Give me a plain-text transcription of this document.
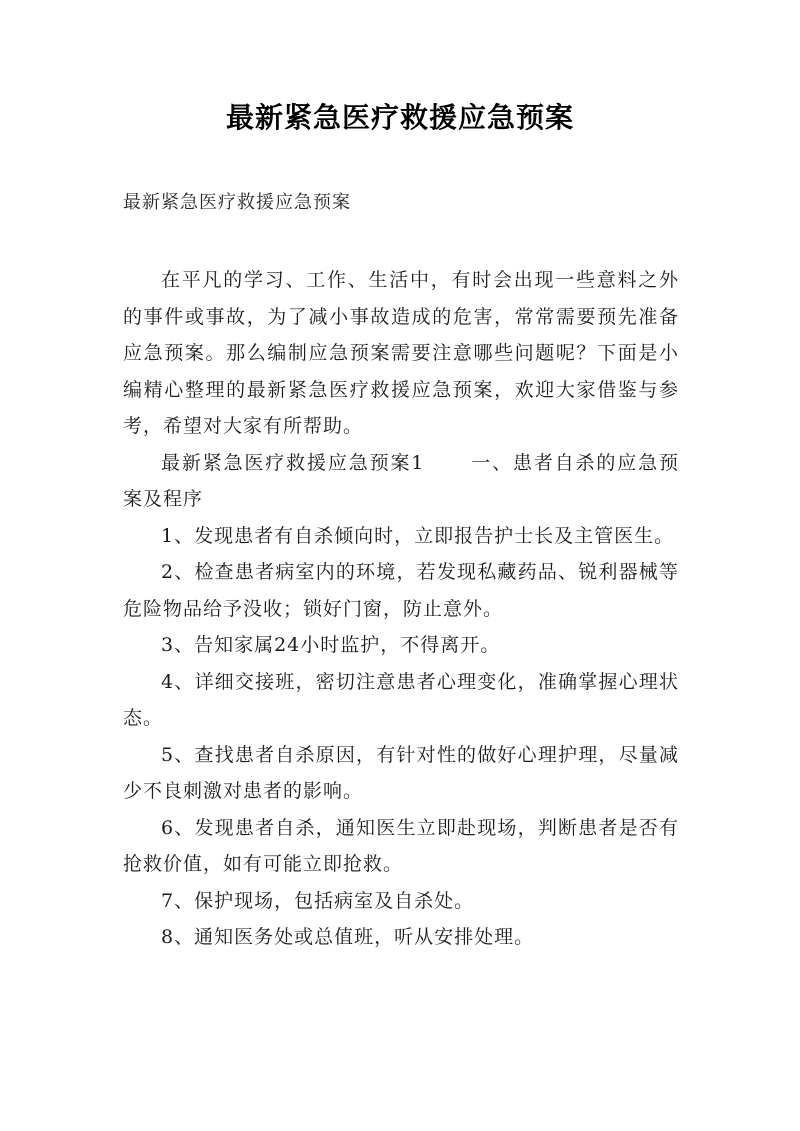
最新紧急医疗救援应急预案
最新紧急医疗救援应急预案

在平凡的学习、工作、生活中，有时会出现一些意料之外的事件或事故，为了减小事故造成的危害，常常需要预先准备应急预案。那么编制应急预案需要注意哪些问题呢？下面是小编精心整理的最新紧急医疗救援应急预案，欢迎大家借鉴与参考，希望对大家有所帮助。

最新紧急医疗救援应急预案1 一、患者自杀的应急预案及程序

1、发现患者有自杀倾向时，立即报告护士长及主管医生。

2、检查患者病室内的环境，若发现私藏药品、锐利器械等危险物品给予没收；锁好门窗，防止意外。

3、告知家属24小时监护，不得离开。

4、详细交接班，密切注意患者心理变化，准确掌握心理状态。

5、查找患者自杀原因，有针对性的做好心理护理，尽量减少不良刺激对患者的影响。

6、发现患者自杀，通知医生立即赴现场，判断患者是否有抢救价值，如有可能立即抢救。

7、保护现场，包括病室及自杀处。

8、通知医务处或总值班，听从安排处理。
